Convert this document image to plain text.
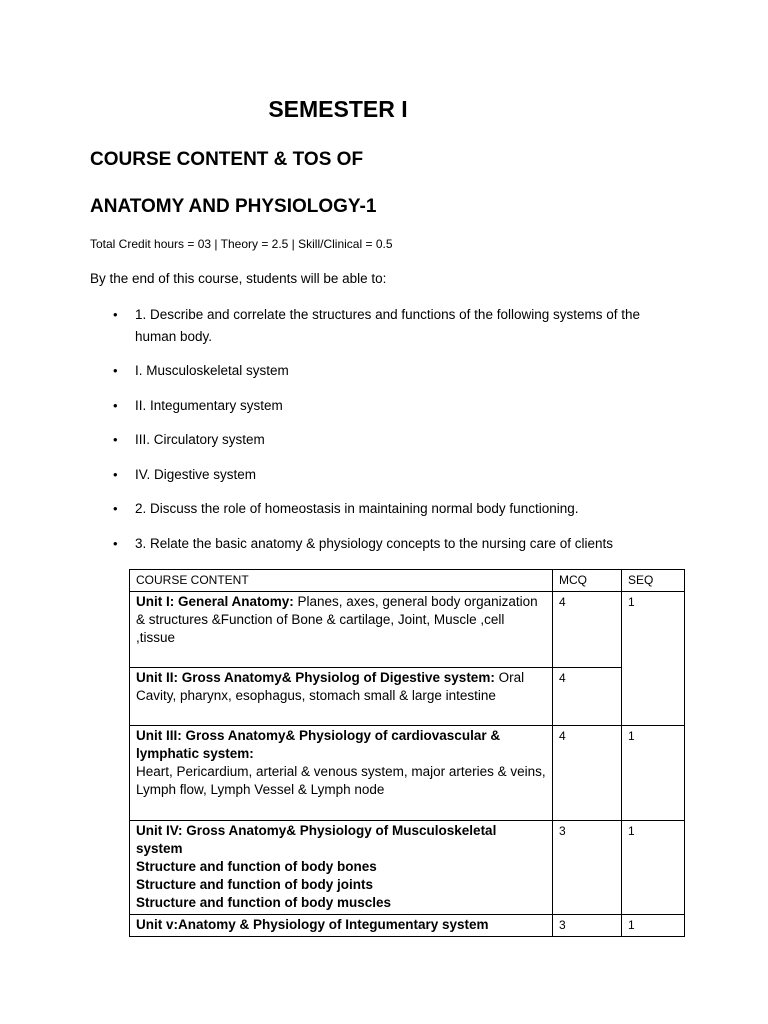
SEMESTER I
COURSE CONTENT & TOS OF
ANATOMY AND PHYSIOLOGY-1
Total Credit hours = 03 | Theory = 2.5 | Skill/Clinical = 0.5
By the end of this course, students will be able to:
• 1. Describe and correlate the structures and functions of the following systems of the human body.
• I. Musculoskeletal system
• II. Integumentary system
• III. Circulatory system
• IV. Digestive system
• 2. Discuss the role of homeostasis in maintaining normal body functioning.
• 3. Relate the basic anatomy & physiology concepts to the nursing care of clients
COURSE CONTENT	MCQ	SEQ
Unit I: General Anatomy: Planes, axes, general body organization & structures &Function of Bone & cartilage, Joint, Muscle ,cell ,tissue	4	1
Unit II: Gross Anatomy& Physiolog of Digestive system: Oral Cavity, pharynx, esophagus, stomach small & large intestine	4	

Unit III: Gross Anatomy& Physiology of cardiovascular & lymphatic system:
Heart, Pericardium, arterial & venous system, major arteries & veins, Lymph flow, Lymph Vessel & Lymph node	4	1

Unit IV: Gross Anatomy& Physiology of Musculoskeletal system
Structure and function of body bones
Structure and function of body joints
Structure and function of body muscles	3	1
Unit v:Anatomy & Physiology of Integumentary system	3	1
